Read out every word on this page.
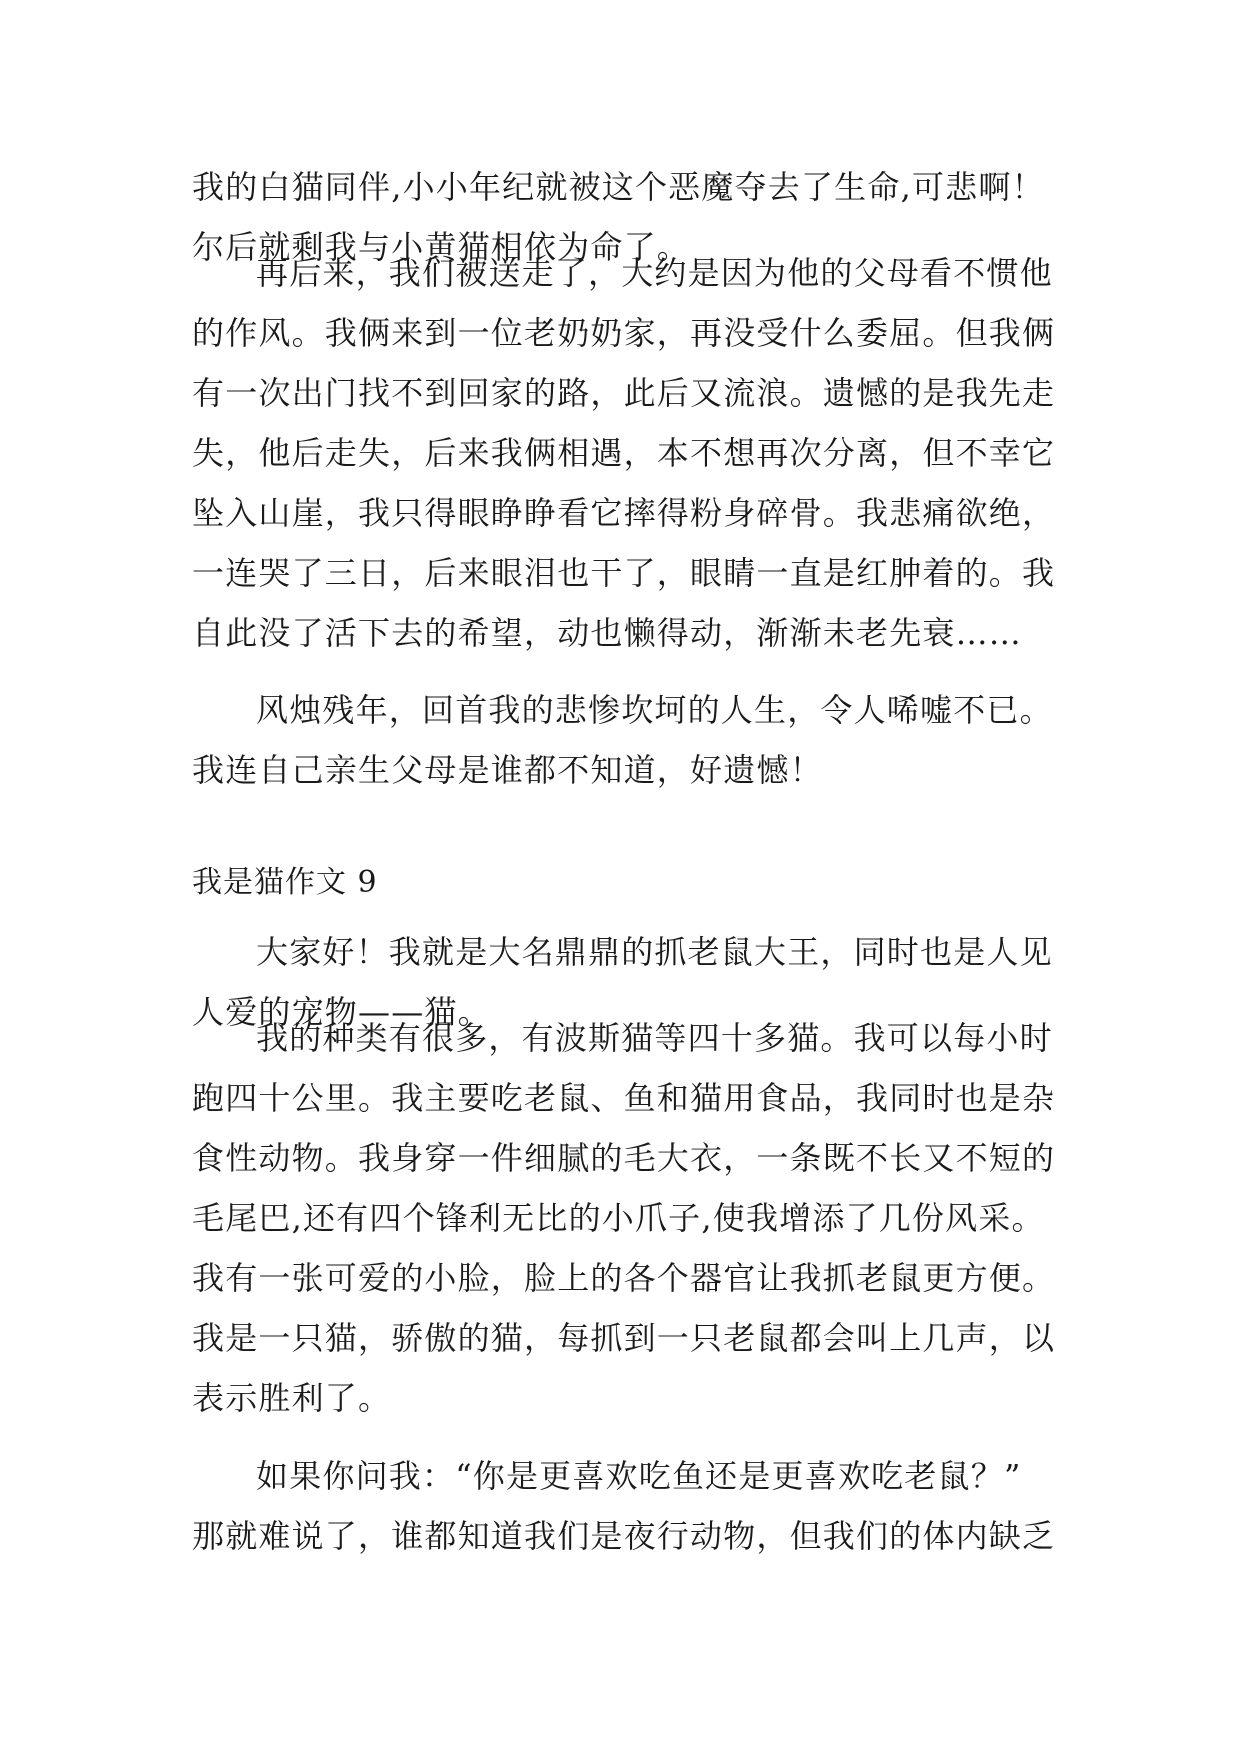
我的白猫同伴,小小年纪就被这个恶魔夺去了生命,可悲啊！
尔后就剩我与小黄猫相依为命了。
再后来，我们被送走了，大约是因为他的父母看不惯他
的作风。我俩来到一位老奶奶家，再没受什么委屈。但我俩
有一次出门找不到回家的路，此后又流浪。遗憾的是我先走
失，他后走失，后来我俩相遇，本不想再次分离，但不幸它
坠入山崖，我只得眼睁睁看它摔得粉身碎骨。我悲痛欲绝，
一连哭了三日，后来眼泪也干了，眼睛一直是红肿着的。我
自此没了活下去的希望，动也懒得动，渐渐未老先衰……
风烛残年，回首我的悲惨坎坷的人生，令人唏嘘不已。
我连自己亲生父母是谁都不知道，好遗憾！
我是猫作文 9
大家好！我就是大名鼎鼎的抓老鼠大王，同时也是人见
人爱的宠物——猫。
我的种类有很多，有波斯猫等四十多猫。我可以每小时
跑四十公里。我主要吃老鼠、鱼和猫用食品，我同时也是杂
食性动物。我身穿一件细腻的毛大衣，一条既不长又不短的
毛尾巴,还有四个锋利无比的小爪子,使我增添了几份风采。
我有一张可爱的小脸，脸上的各个器官让我抓老鼠更方便。
我是一只猫，骄傲的猫，每抓到一只老鼠都会叫上几声，以
表示胜利了。
如果你问我：“你是更喜欢吃鱼还是更喜欢吃老鼠？”
那就难说了，谁都知道我们是夜行动物，但我们的体内缺乏
